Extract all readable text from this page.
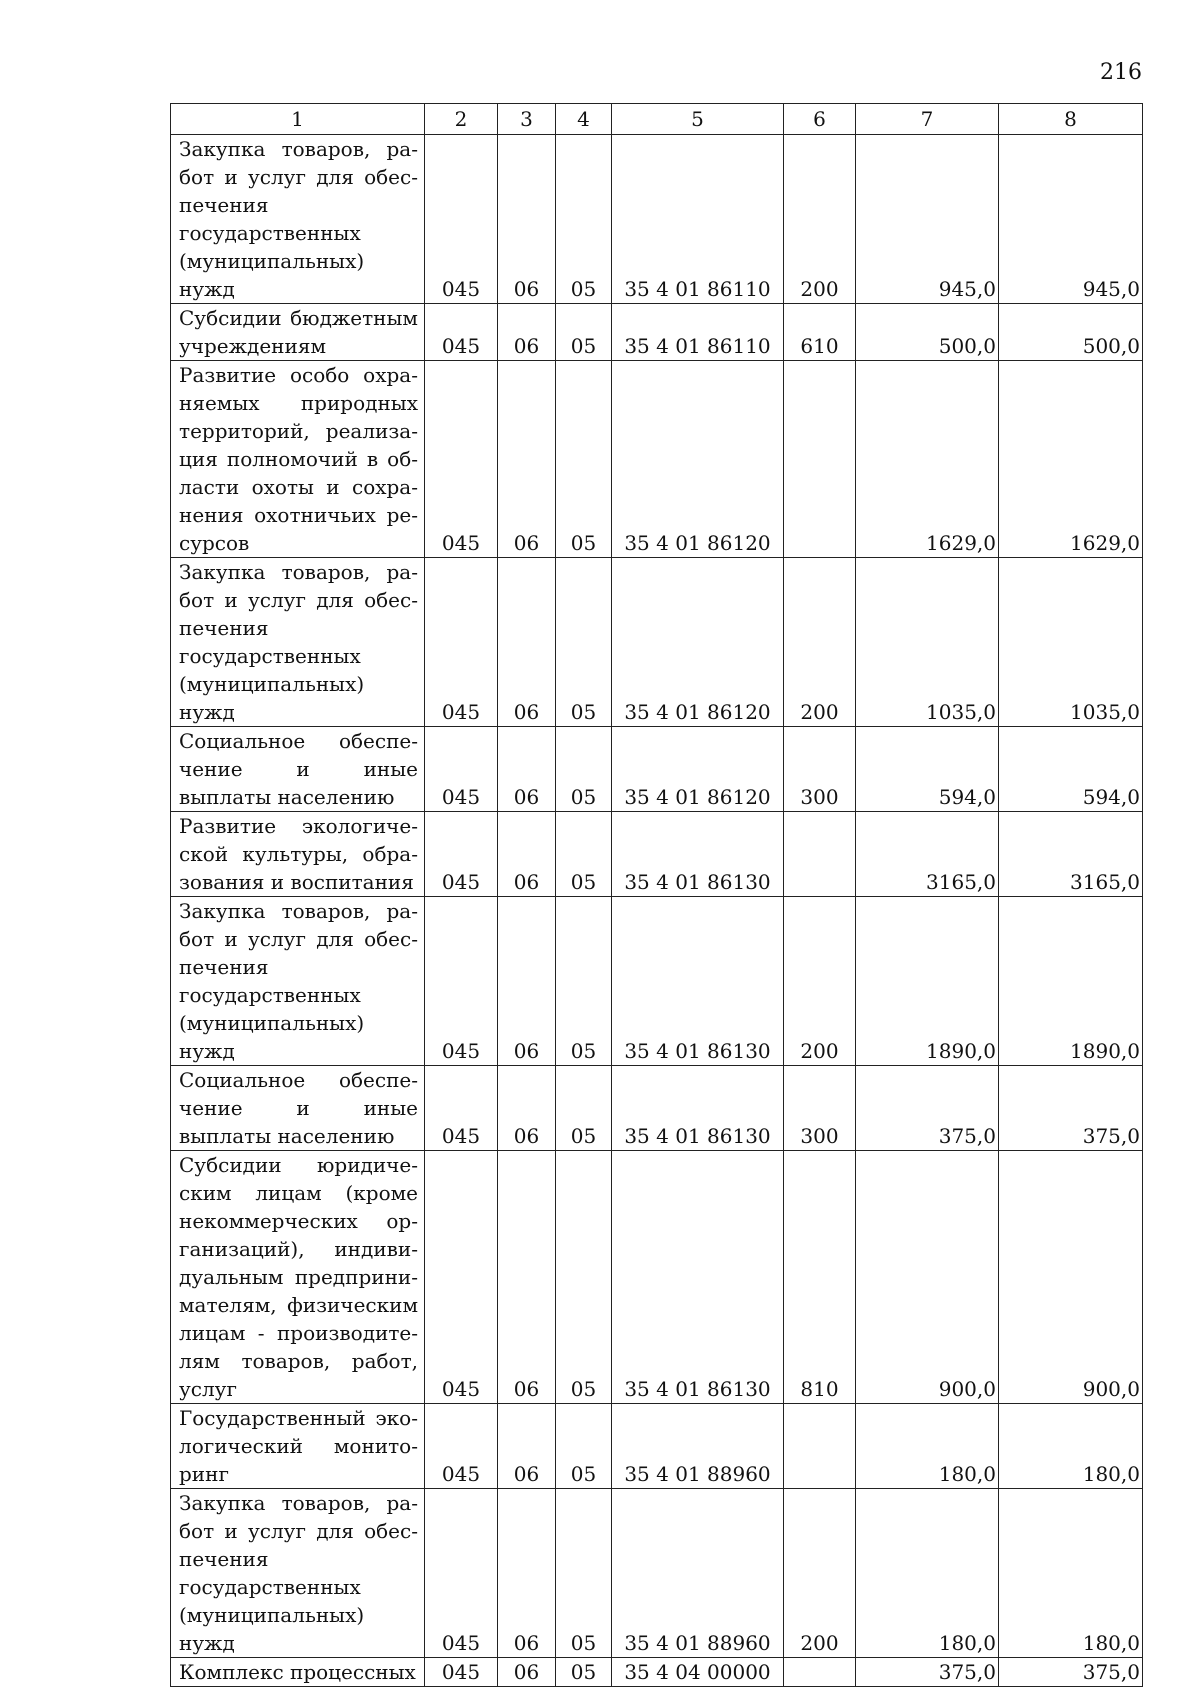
216
1	2	3	4	5	6	7	8
Закупка товаров, работ и услуг для обеспечения государственных (муниципальных) нужд	045	06	05	35 4 01 86110	200	945,0	945,0
Субсидии бюджетным учреждениям	045	06	05	35 4 01 86110	610	500,0	500,0
Развитие особо охраняемых природных территорий, реализация полномочий в области охоты и сохранения охотничьих ресурсов	045	06	05	35 4 01 86120		1629,0	1629,0
Закупка товаров, работ и услуг для обеспечения государственных (муниципальных) нужд	045	06	05	35 4 01 86120	200	1035,0	1035,0
Социальное обеспечение и иные выплаты населению	045	06	05	35 4 01 86120	300	594,0	594,0
Развитие экологической культуры, образования и воспитания	045	06	05	35 4 01 86130		3165,0	3165,0
Закупка товаров, работ и услуг для обеспечения государственных (муниципальных) нужд	045	06	05	35 4 01 86130	200	1890,0	1890,0
Социальное обеспечение и иные выплаты населению	045	06	05	35 4 01 86130	300	375,0	375,0
Субсидии юридическим лицам (кроме некоммерческих организаций), индивидуальным предпринимателям, физическим лицам - производителям товаров, работ, услуг	045	06	05	35 4 01 86130	810	900,0	900,0
Государственный экологический мониторинг	045	06	05	35 4 01 88960		180,0	180,0
Закупка товаров, работ и услуг для обеспечения государственных (муниципальных) нужд	045	06	05	35 4 01 88960	200	180,0	180,0
Комплекс процессных	045	06	05	35 4 04 00000		375,0	375,0
